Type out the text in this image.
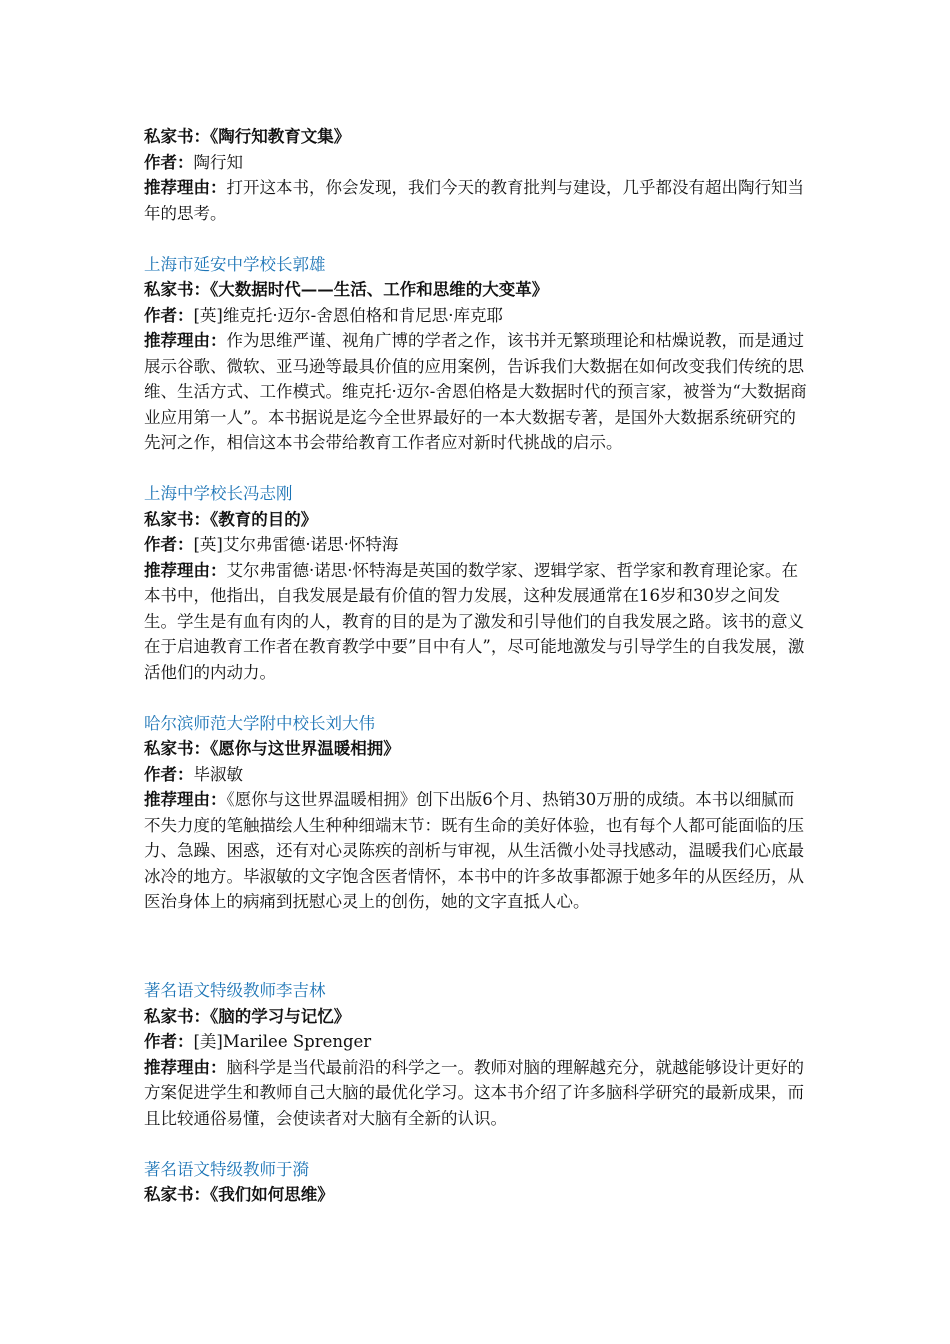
私家书：《陶行知教育文集》
作者：陶行知
推荐理由：打开这本书，你会发现，我们今天的教育批判与建设，几乎都没有超出陶行知当年的思考。
上海市延安中学校长郭雄
私家书：《大数据时代——生活、工作和思维的大变革》
作者：[英]维克托·迈尔-舍恩伯格和肯尼思·库克耶
推荐理由：作为思维严谨、视角广博的学者之作，该书并无繁琐理论和枯燥说教，而是通过展示谷歌、微软、亚马逊等最具价值的应用案例，告诉我们大数据在如何改变我们传统的思维、生活方式、工作模式。维克托·迈尔-舍恩伯格是大数据时代的预言家，被誉为“大数据商业应用第一人”。本书据说是迄今全世界最好的一本大数据专著，是国外大数据系统研究的先河之作，相信这本书会带给教育工作者应对新时代挑战的启示。
上海中学校长冯志刚
私家书：《教育的目的》
作者：[英]艾尔弗雷德·诺思·怀特海
推荐理由：艾尔弗雷德·诺思·怀特海是英国的数学家、逻辑学家、哲学家和教育理论家。在本书中，他指出，自我发展是最有价值的智力发展，这种发展通常在16岁和30岁之间发生。学生是有血有肉的人，教育的目的是为了激发和引导他们的自我发展之路。该书的意义在于启迪教育工作者在教育教学中要”目中有人”，尽可能地激发与引导学生的自我发展，激活他们的内动力。
哈尔滨师范大学附中校长刘大伟
私家书：《愿你与这世界温暖相拥》
作者：毕淑敏
推荐理由：《愿你与这世界温暖相拥》创下出版6个月、热销30万册的成绩。本书以细腻而不失力度的笔触描绘人生种种细端末节：既有生命的美好体验，也有每个人都可能面临的压力、急躁、困惑，还有对心灵陈疾的剖析与审视，从生活微小处寻找感动，温暖我们心底最冰冷的地方。毕淑敏的文字饱含医者情怀，本书中的许多故事都源于她多年的从医经历，从医治身体上的病痛到抚慰心灵上的创伤，她的文字直抵人心。
著名语文特级教师李吉林
私家书：《脑的学习与记忆》
作者：[美]Marilee Sprenger
推荐理由：脑科学是当代最前沿的科学之一。教师对脑的理解越充分，就越能够设计更好的方案促进学生和教师自己大脑的最优化学习。这本书介绍了许多脑科学研究的最新成果，而且比较通俗易懂，会使读者对大脑有全新的认识。
著名语文特级教师于漪
私家书：《我们如何思维》
